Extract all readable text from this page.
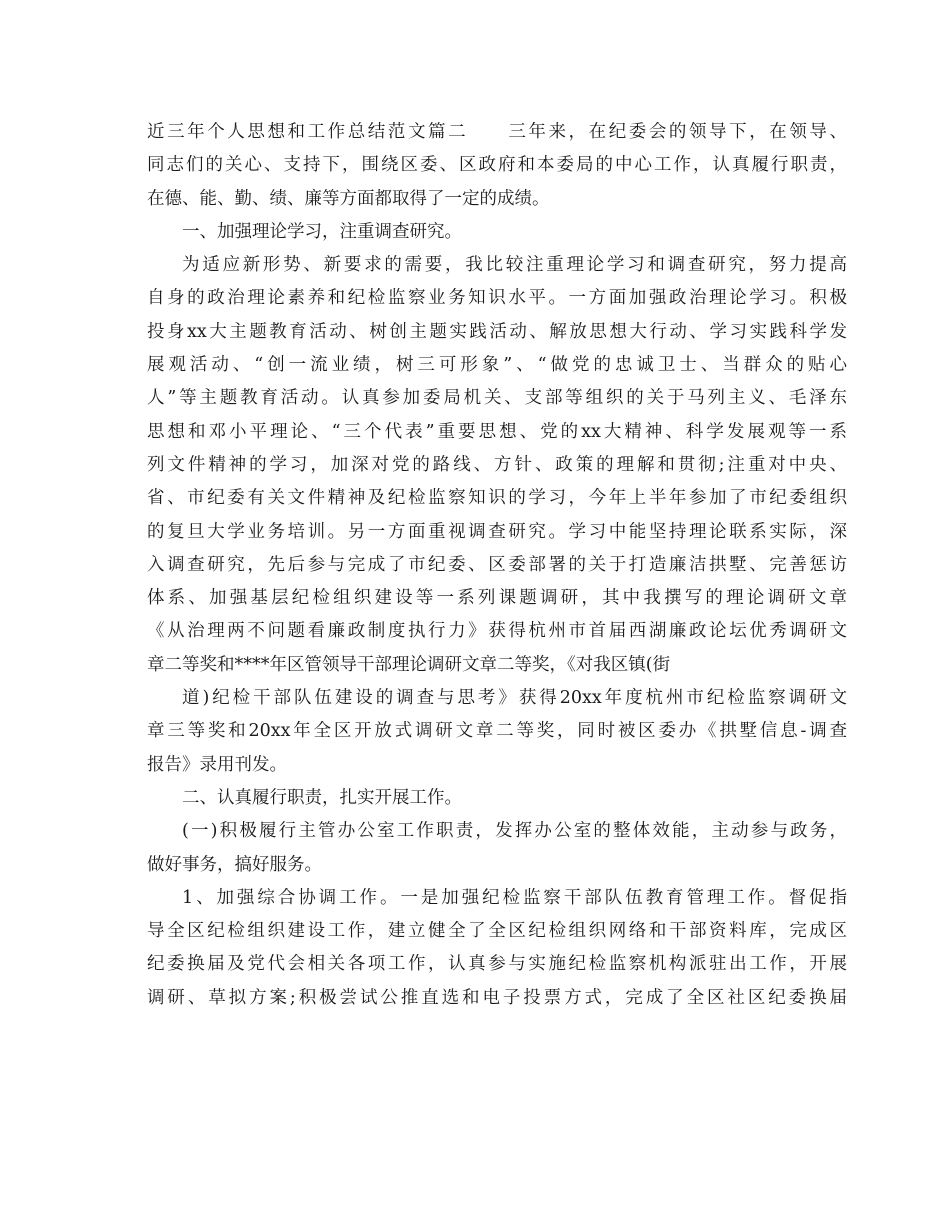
近三年个人思想和工作总结范文篇二　　三年来，在纪委会的领导下，在领导、
同志们的关心、支持下，围绕区委、区政府和本委局的中心工作，认真履行职责，
在德、能、勤、绩、廉等方面都取得了一定的成绩。
一、加强理论学习，注重调查研究。
为适应新形势、新要求的需要，我比较注重理论学习和调查研究，努力提高
自身的政治理论素养和纪检监察业务知识水平。一方面加强政治理论学习。积极
投身xx大主题教育活动、树创主题实践活动、解放思想大行动、学习实践科学发
展观活动、“创一流业绩，树三可形象”、“做党的忠诚卫士、当群众的贴心
人”等主题教育活动。认真参加委局机关、支部等组织的关于马列主义、毛泽东
思想和邓小平理论、“三个代表”重要思想、党的xx大精神、科学发展观等一系
列文件精神的学习，加深对党的路线、方针、政策的理解和贯彻;注重对中央、
省、市纪委有关文件精神及纪检监察知识的学习，今年上半年参加了市纪委组织
的复旦大学业务培训。另一方面重视调查研究。学习中能坚持理论联系实际，深
入调查研究，先后参与完成了市纪委、区委部署的关于打造廉洁拱墅、完善惩访
体系、加强基层纪检组织建设等一系列课题调研，其中我撰写的理论调研文章
《从治理两不问题看廉政制度执行力》获得杭州市首届西湖廉政论坛优秀调研文
章二等奖和****年区管领导干部理论调研文章二等奖，《对我区镇(街
道)纪检干部队伍建设的调查与思考》获得20xx年度杭州市纪检监察调研文
章三等奖和20xx年全区开放式调研文章二等奖，同时被区委办《拱墅信息-调查
报告》录用刊发。
二、认真履行职责，扎实开展工作。
(一)积极履行主管办公室工作职责，发挥办公室的整体效能，主动参与政务，
做好事务，搞好服务。
1、加强综合协调工作。一是加强纪检监察干部队伍教育管理工作。督促指
导全区纪检组织建设工作，建立健全了全区纪检组织网络和干部资料库，完成区
纪委换届及党代会相关各项工作，认真参与实施纪检监察机构派驻出工作，开展
调研、草拟方案;积极尝试公推直选和电子投票方式，完成了全区社区纪委换届
